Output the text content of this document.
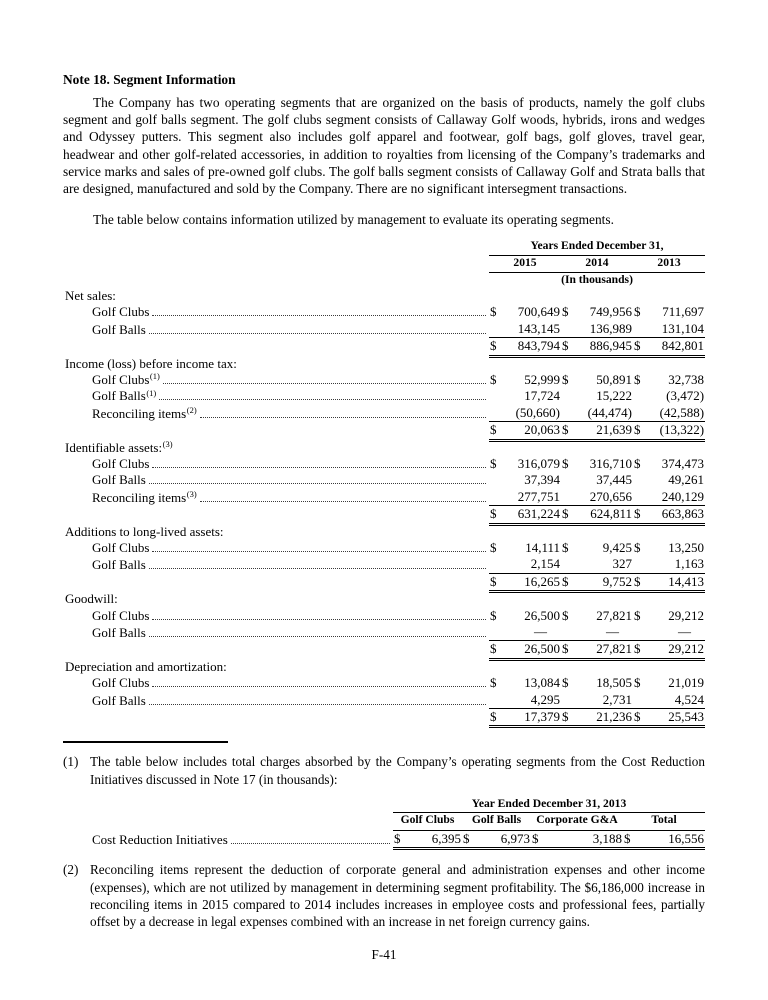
Note 18. Segment Information

The Company has two operating segments that are organized on the basis of products, namely the golf clubs segment and golf balls segment. The golf clubs segment consists of Callaway Golf woods, hybrids, irons and wedges and Odyssey putters. This segment also includes golf apparel and footwear, golf bags, golf gloves, travel gear, headwear and other golf-related accessories, in addition to royalties from licensing of the Company’s trademarks and service marks and sales of pre-owned golf clubs. The golf balls segment consists of Callaway Golf and Strata balls that are designed, manufactured and sold by the Company. There are no significant intersegment transactions.

The table below contains information utilized by management to evaluate its operating segments.

	Years Ended December 31,		

	2015	2014	2013

	(In thousands)		

Net sales:			

Golf Clubs	$ 700,649	$ 749,956	$ 711,697

Golf Balls	143,145	136,989	131,104

	$ 843,794	$ 886,945	$ 842,801

Income (loss) before income tax:			

Golf Clubs$^{(1)}$	$ 52,999	$ 50,891	$ 32,738

Golf Balls$^{(1)}$	17,724	15,222	(3,472)

Reconciling items$^{(2)}$	(50,660)	(44,474)	(42,588)

	$ 20,063	$ 21,639	$ (13,322)

Identifiable assets:$^{(3)}$

Golf Clubs	$ 316,079	$ 316,710	$ 374,473

Golf Balls	37,394	37,445	49,261

Reconciling items$^{(3)}$	277,751	270,656	240,129

	$ 631,224	$ 624,811	$ 663,863

Additions to long-lived assets:			

Golf Clubs	$ 14,111	$ 9,425	$ 13,250

Golf Balls	2,154	327	1,163

	$ 16,265	$ 9,752	$ 14,413

Goodwill:			

Golf Clubs	$ 26,500	$ 27,821	$ 29,212

Golf Balls	—	—	—

	$ 26,500	$ 27,821	$ 29,212

Depreciation and amortization:			

Golf Clubs	$ 13,084	$ 18,505	$ 21,019

Golf Balls	4,295	2,731	4,524

	$ 17,379	$ 21,236	$ 25,543
(1) The table below includes total charges absorbed by the Company’s operating segments from the Cost Reduction Initiatives discussed in Note 17 (in thousands):

	Year Ended December 31, 2013			

	Golf Clubs	Golf Balls	Corporate G&A	Total

Cost Reduction Initiatives	$ 6,395	$ 6,973	$ 3,188	$ 16,556
(2) Reconciling items represent the deduction of corporate general and administration expenses and other income (expenses), which are not utilized by management in determining segment profitability. The $6,186,000 increase in reconciling items in 2015 compared to 2014 includes increases in employee costs and professional fees, partially offset by a decrease in legal expenses combined with an increase in net foreign currency gains.
F-41
